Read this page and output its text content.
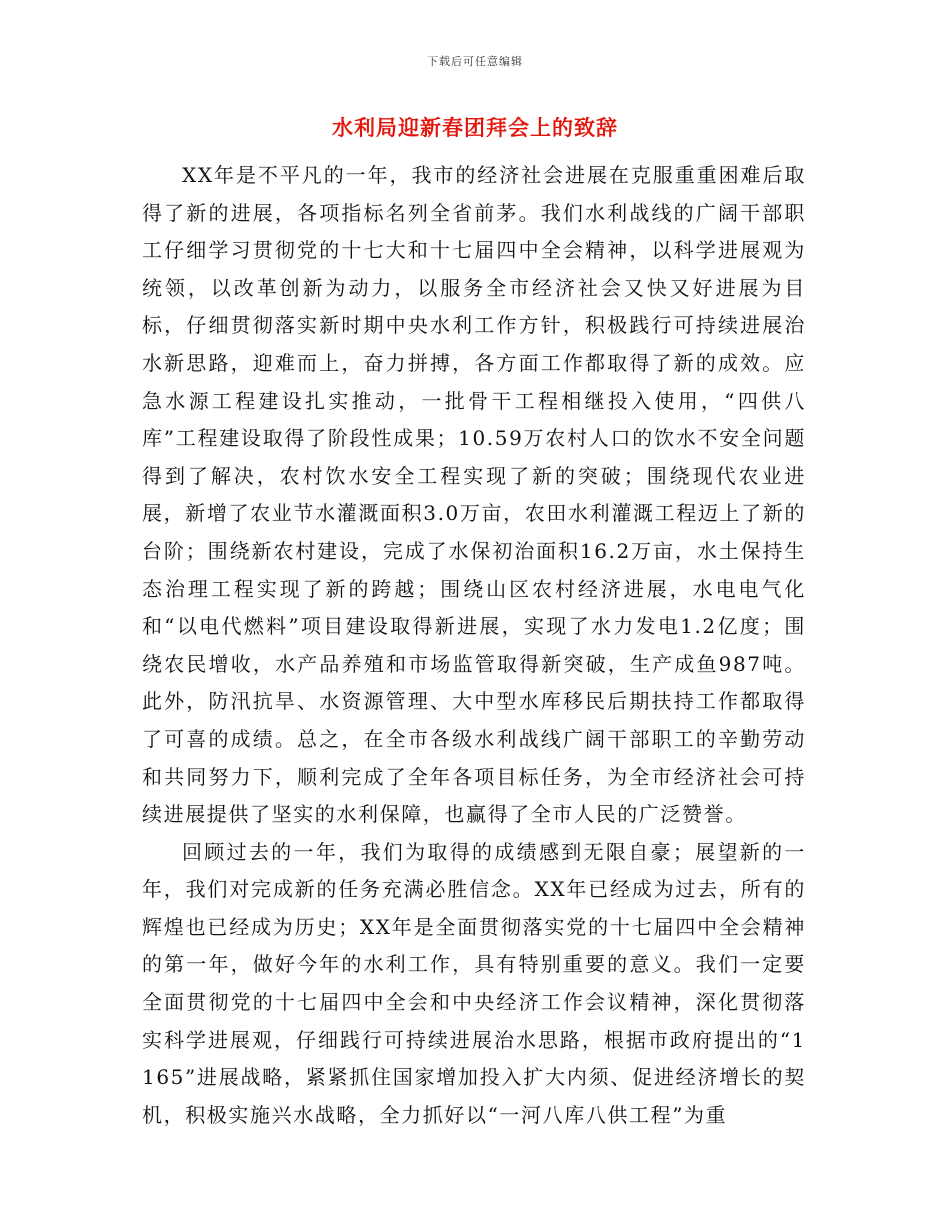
下载后可任意编辑
水利局迎新春团拜会上的致辞

XX年是不平凡的一年，我市的经济社会进展在克服重重困难后取得了新的进展，各项指标名列全省前茅。我们水利战线的广阔干部职工仔细学习贯彻党的十七大和十七届四中全会精神，以科学进展观为统领，以改革创新为动力，以服务全市经济社会又快又好进展为目标，仔细贯彻落实新时期中央水利工作方针，积极践行可持续进展治水新思路，迎难而上，奋力拼搏，各方面工作都取得了新的成效。应急水源工程建设扎实推动，一批骨干工程相继投入使用，“四供八库”工程建设取得了阶段性成果；10.59万农村人口的饮水不安全问题得到了解决，农村饮水安全工程实现了新的突破；围绕现代农业进展，新增了农业节水灌溉面积3.0万亩，农田水利灌溉工程迈上了新的台阶；围绕新农村建设，完成了水保初治面积16.2万亩，水土保持生态治理工程实现了新的跨越；围绕山区农村经济进展，水电电气化和“以电代燃料”项目建设取得新进展，实现了水力发电1.2亿度；围绕农民增收，水产品养殖和市场监管取得新突破，生产成鱼987吨。此外，防汛抗旱、水资源管理、大中型水库移民后期扶持工作都取得了可喜的成绩。总之，在全市各级水利战线广阔干部职工的辛勤劳动和共同努力下，顺利完成了全年各项目标任务，为全市经济社会可持续进展提供了坚实的水利保障，也赢得了全市人民的广泛赞誉。

回顾过去的一年，我们为取得的成绩感到无限自豪；展望新的一年，我们对完成新的任务充满必胜信念。XX年已经成为过去，所有的辉煌也已经成为历史；XX年是全面贯彻落实党的十七届四中全会精神的第一年，做好今年的水利工作，具有特别重要的意义。我们一定要全面贯彻党的十七届四中全会和中央经济工作会议精神，深化贯彻落实科学进展观，仔细践行可持续进展治水思路，根据市政府提出的“1165”进展战略，紧紧抓住国家增加投入扩大内须、促进经济增长的契机，积极实施兴水战略，全力抓好以“一河八库八供工程”为重
